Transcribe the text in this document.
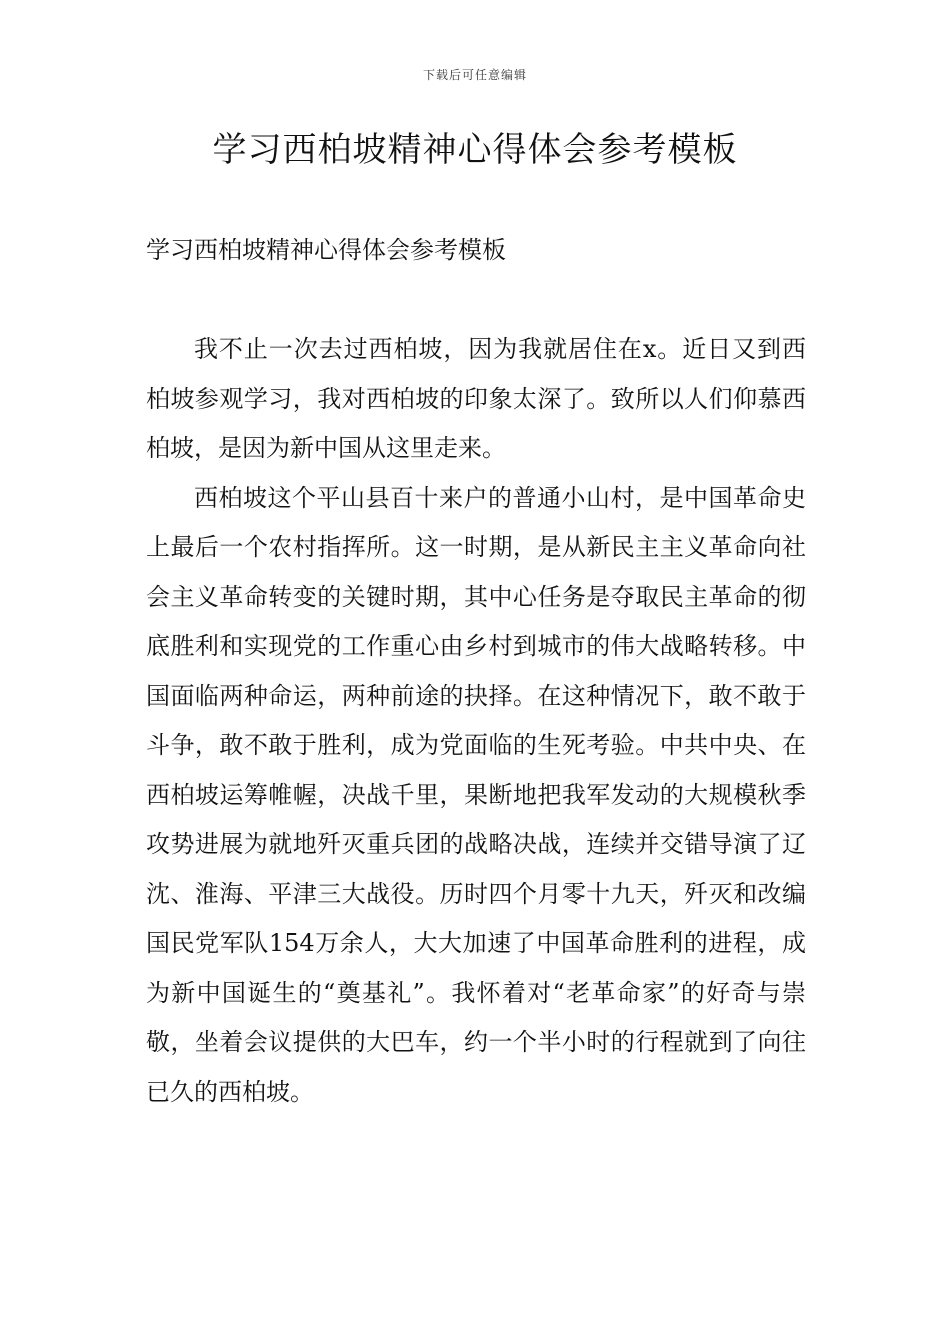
下载后可任意编辑
学习西柏坡精神心得体会参考模板

学习西柏坡精神心得体会参考模板

我不止一次去过西柏坡，因为我就居住在x。近日又到西柏坡参观学习，我对西柏坡的印象太深了。致所以人们仰慕西柏坡，是因为新中国从这里走来。

西柏坡这个平山县百十来户的普通小山村，是中国革命史上最后一个农村指挥所。这一时期，是从新民主主义革命向社会主义革命转变的关键时期，其中心任务是夺取民主革命的彻底胜利和实现党的工作重心由乡村到城市的伟大战略转移。中国面临两种命运，两种前途的抉择。在这种情况下，敢不敢于斗争，敢不敢于胜利，成为党面临的生死考验。中共中央、在西柏坡运筹帷幄，决战千里，果断地把我军发动的大规模秋季攻势进展为就地歼灭重兵团的战略决战，连续并交错导演了辽沈、淮海、平津三大战役。历时四个月零十九天，歼灭和改编国民党军队154万余人，大大加速了中国革命胜利的进程，成为新中国诞生的“奠基礼”。我怀着对“老革命家”的好奇与崇敬，坐着会议提供的大巴车，约一个半小时的行程就到了向往已久的西柏坡。
